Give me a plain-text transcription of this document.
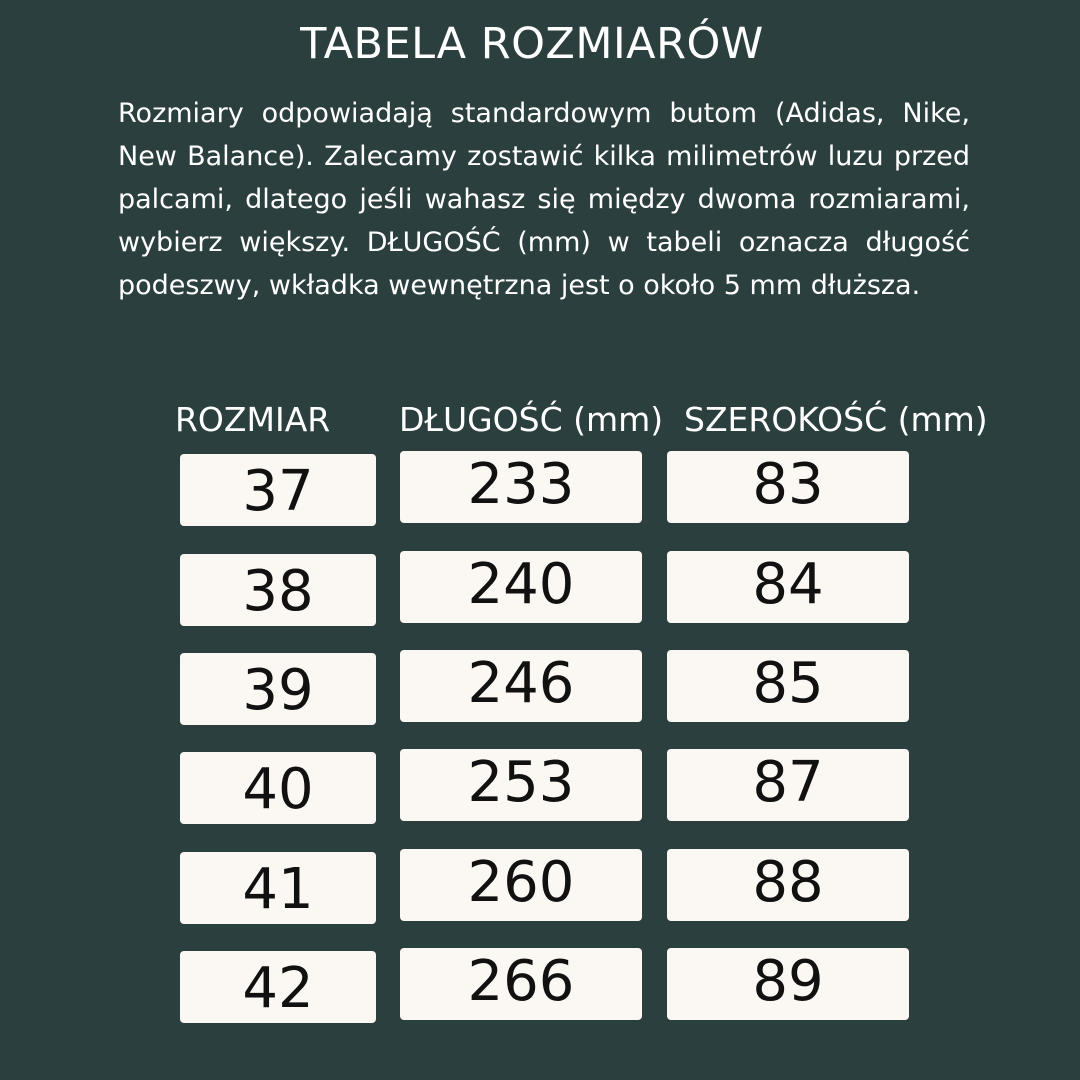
TABELA ROZMIARÓW

Rozmiary odpowiadają standardowym butom (Adidas, Nike, New Balance). Zalecamy zostawić kilka milimetrów luzu przed palcami, dlatego jeśli wahasz się między dwoma rozmiarami, wybierz większy. DŁUGOŚĆ (mm) w tabeli oznacza długość podeszwy, wkładka wewnętrzna jest o około 5 mm dłuższa.

ROZMIAR DŁUGOŚĆ (mm) SZEROKOŚĆ (mm)
37	233	83
38	240	84
39	246	85
40	253	87
41	260	88
42	266	89
